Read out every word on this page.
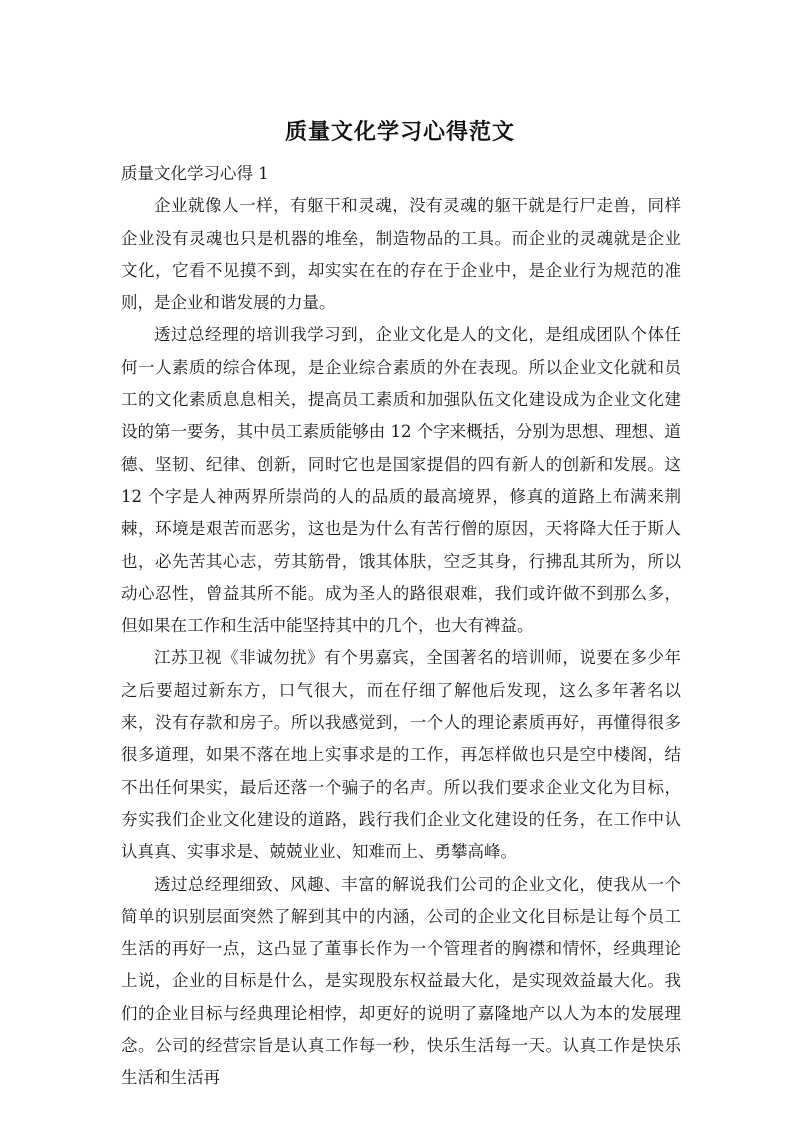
质量文化学习心得范文

质量文化学习心得 1

企业就像人一样，有躯干和灵魂，没有灵魂的躯干就是行尸走兽，同样企业没有灵魂也只是机器的堆垒，制造物品的工具。而企业的灵魂就是企业文化，它看不见摸不到，却实实在在的存在于企业中，是企业行为规范的准则，是企业和谐发展的力量。

透过总经理的培训我学习到，企业文化是人的文化，是组成团队个体任何一人素质的综合体现，是企业综合素质的外在表现。所以企业文化就和员工的文化素质息息相关，提高员工素质和加强队伍文化建设成为企业文化建设的第一要务，其中员工素质能够由 12 个字来概括，分别为思想、理想、道德、坚韧、纪律、创新，同时它也是国家提倡的四有新人的创新和发展。这 12 个字是人神两界所崇尚的人的品质的最高境界，修真的道路上布满来荆棘，环境是艰苦而恶劣，这也是为什么有苦行僧的原因，天将降大任于斯人也，必先苦其心志，劳其筋骨，饿其体肤，空乏其身，行拂乱其所为，所以动心忍性，曾益其所不能。成为圣人的路很艰难，我们或许做不到那么多，但如果在工作和生活中能坚持其中的几个，也大有裨益。

江苏卫视《非诚勿扰》有个男嘉宾，全国著名的培训师，说要在多少年之后要超过新东方，口气很大，而在仔细了解他后发现，这么多年著名以来，没有存款和房子。所以我感觉到，一个人的理论素质再好，再懂得很多很多道理，如果不落在地上实事求是的工作，再怎样做也只是空中楼阁，结不出任何果实，最后还落一个骗子的名声。所以我们要求企业文化为目标，夯实我们企业文化建设的道路，践行我们企业文化建设的任务，在工作中认认真真、实事求是、兢兢业业、知难而上、勇攀高峰。

透过总经理细致、风趣、丰富的解说我们公司的企业文化，使我从一个简单的识别层面突然了解到其中的内涵，公司的企业文化目标是让每个员工生活的再好一点，这凸显了董事长作为一个管理者的胸襟和情怀，经典理论上说，企业的目标是什么，是实现股东权益最大化，是实现效益最大化。我们的企业目标与经典理论相悖，却更好的说明了嘉隆地产以人为本的发展理念。公司的经营宗旨是认真工作每一秒，快乐生活每一天。认真工作是快乐生活和生活再
